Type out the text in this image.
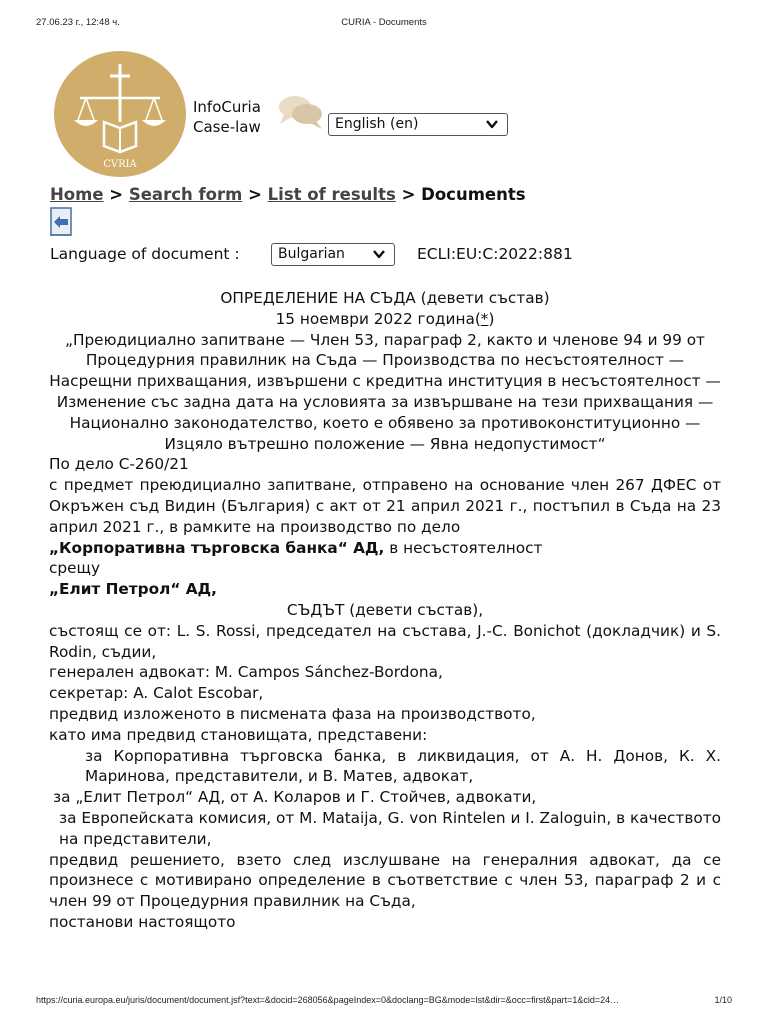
27.06.23 г., 12:48 ч.	CURIA - Documents
CVRIA
InfoCuria
Case-law	English (en)
Home > Search form > List of results > Documents
Language of document :	Bulgarian	ECLI:EU:C:2022:881

ОПРЕДЕЛЕНИЕ НА СЪДА (девети състав)

15 ноември 2022 година(*)

„Преюдициално запитване — Член 53, параграф 2, както и членове 94 и 99 от Процедурния правилник на Съда — Производства по несъстоятелност — Насрещни прихващания, извършени с кредитна институция в несъстоятелност — Изменение със задна дата на условията за извършване на тези прихващания — Национално законодателство, което е обявено за противоконституционно — Изцяло вътрешно положение — Явна недопустимост“

По дело C-260/21

с предмет преюдициално запитване, отправено на основание член 267 ДФЕС от Окръжен съд Видин (България) с акт от 21 април 2021 г., постъпил в Съда на 23 април 2021 г., в рамките на производство по дело

„Корпоративна търговска банка“ АД, в несъстоятелност

срещу

„Елит Петрол“ АД,

СЪДЪТ (девети състав),

състоящ се от: L. S. Rossi, председател на състава, J.-C. Bonichot (докладчик) и S. Rodin, съдии,

генерален адвокат: M. Campos Sánchez-Bordona,

секретар: A. Calot Escobar,

предвид изложеното в писмената фаза на производството,

като има предвид становищата, представени:

за Корпоративна търговска банка, в ликвидация, от А. Н. Донов, К. Х. Маринова, представители, и В. Матев, адвокат,

за „Елит Петрол“ АД, от А. Коларов и Г. Стойчев, адвокати,

за Европейската комисия, от M. Mataija, G. von Rintelen и I. Zaloguin, в качеството на представители,

предвид решението, взето след изслушване на генералния адвокат, да се произнесе с мотивирано определение в съответствие с член 53, параграф 2 и с член 99 от Процедурния правилник на Съда,

постанови настоящото

https://curia.europa.eu/juris/document/document.jsf?text=&docid=268056&pageIndex=0&doclang=BG&mode=lst&dir=&occ=first&part=1&cid=24…	1/10
